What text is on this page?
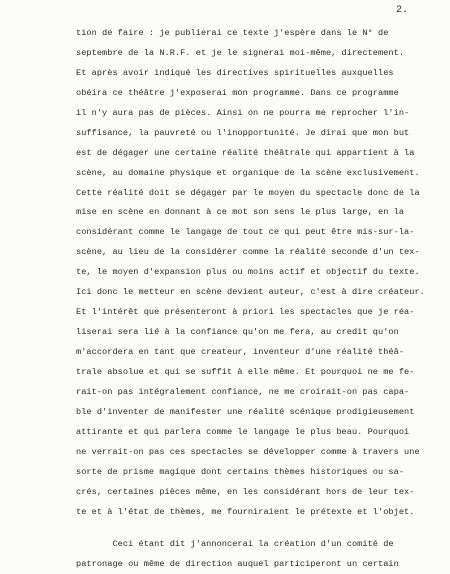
2.
tion de faire : je publierai ce texte j'espère dans le N° de
septembre de la N.R.F. et je le signerai moi-même, directement.
Et après avoir indiqué les directives spirituelles auxquelles
obéira ce théâtre j'exposerai mon programme. Dans ce programme
il n'y aura pas de pièces. Ainsi on ne pourra me reprocher l'in-
suffisance, la pauvreté ou l'inopportunité. Je dirai que mon but
est de dégager une certaine réalité théâtrale qui appartient à la
scène, au domaine physique et organique de la scène exclusivement.
Cette réalité doit se dégager par le moyen du spectacle donc de la
mise en scène en donnant à ce mot son sens le plus large, en la
considérant comme le langage de tout ce qui peut être mis-sur-la-
scène, au lieu de la considérer comme la réalité seconde d'un tex-
te, le moyen d'expansion plus ou moins actif et objectif du texte.
Ici donc le metteur en scène devient auteur, c'est à dire créateur.
Et l'intérêt que présenteront à priori les spectacles que je réa-
liserai sera lié à la confiance qu'on me fera, au credit qu'on
m'accordera en tant que createur, inventeur d'une réalité théâ-
trale absolue et qui se suffit à elle même. Et pourquoi ne me fe-
rait-on pas intégralement confiance, ne me croirait-on pas capa-
ble d'inventer de manifester une réalité scénique prodigieusement
attirante et qui parlera comme le langage le plus beau. Pourquoi
ne verrait-on pas ces spectacles se développer comme à travers une
sorte de prisme magique dont certains thèmes historiques ou sa-
crés, certaines pièces même, en les considérant hors de leur tex-
te et à l'état de thèmes, me fourniraient le prétexte et l'objet.
Ceci étant dit j'annoncerai la création d'un comité de
patronage ou même de direction auquel participeront un certain
